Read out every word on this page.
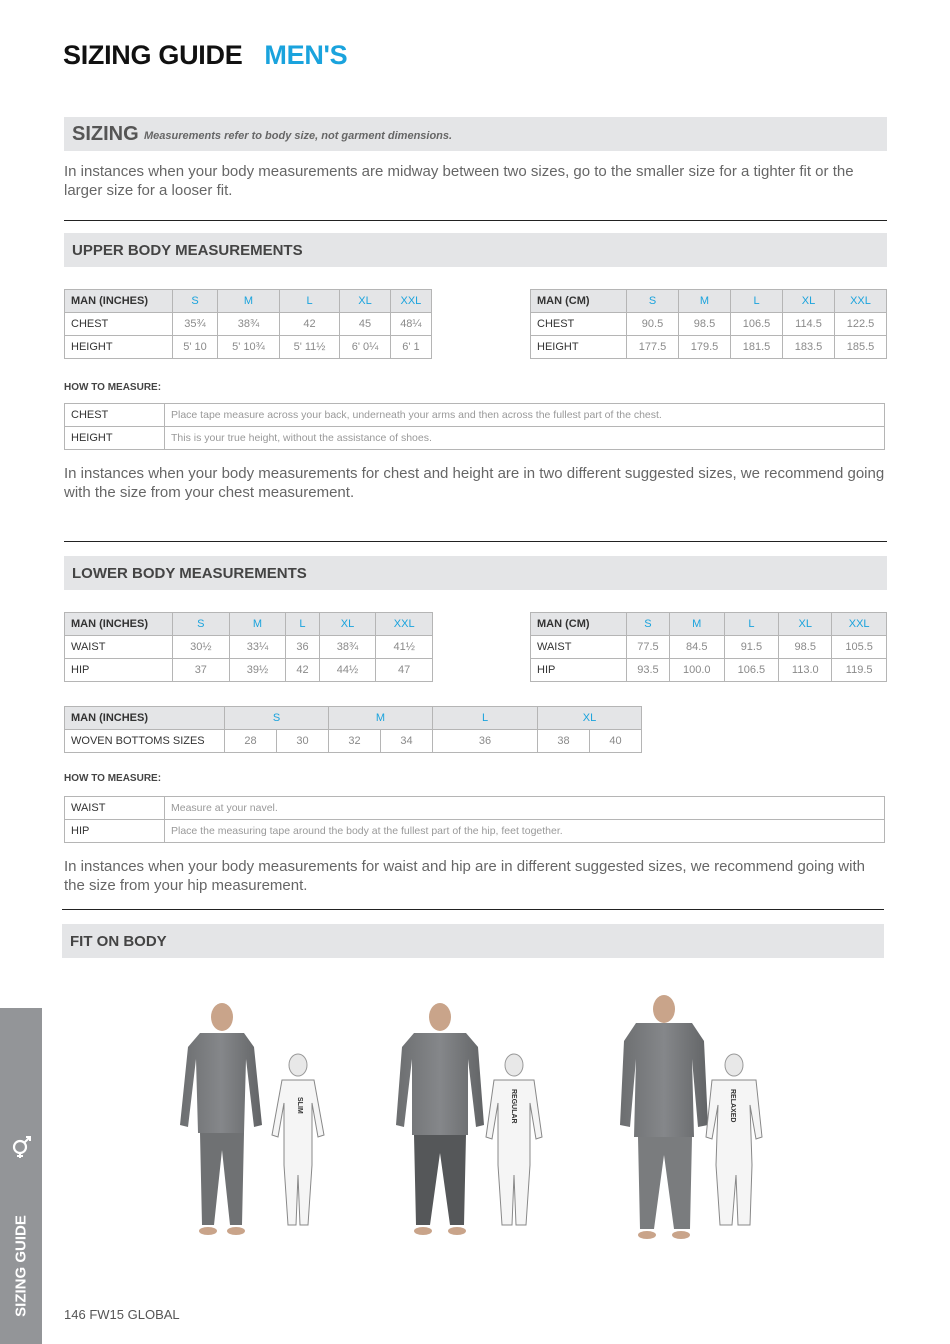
SIZING GUIDE MEN'S
SIZING Measurements refer to body size, not garment dimensions.
In instances when your body measurements are midway between two sizes, go to the smaller size for a tighter fit or the larger size for a looser fit.
UPPER BODY MEASUREMENTS
MAN (INCHES)	S	M	L	XL	XXL
CHEST	35¾	38¾	42	45	48¼
HEIGHT	5' 10	5' 10¾	5' 11½	6' 0¼	6' 1
MAN (CM)	S	M	L	XL	XXL
CHEST	90.5	98.5	106.5	114.5	122.5
HEIGHT	177.5	179.5	181.5	183.5	185.5
HOW TO MEASURE:
CHEST	Place tape measure across your back, underneath your arms and then across the fullest part of the chest.
HEIGHT	This is your true height, without the assistance of shoes.
In instances when your body measurements for chest and height are in two different suggested sizes, we recommend going with the size from your chest measurement.
LOWER BODY MEASUREMENTS
MAN (INCHES)	S	M	L	XL	XXL
WAIST	30½	33¼	36	38¾	41½
HIP	37	39½	42	44½	47
MAN (CM)	S	M	L	XL	XXL
WAIST	77.5	84.5	91.5	98.5	105.5
HIP	93.5	100.0	106.5	113.0	119.5
MAN (INCHES)	S		M		L	XL	
WOVEN BOTTOMS SIZES	28	30	32	34	36	38	40
HOW TO MEASURE:
WAIST	Measure at your navel.
HIP	Place the measuring tape around the body at the fullest part of the hip, feet together.
In instances when your body measurements for waist and hip are in different suggested sizes, we recommend going with the size from your hip measurement.
FIT ON BODY
SLIM	REGULAR	RELAXED
SIZING GUIDE	146 FW15 GLOBAL
